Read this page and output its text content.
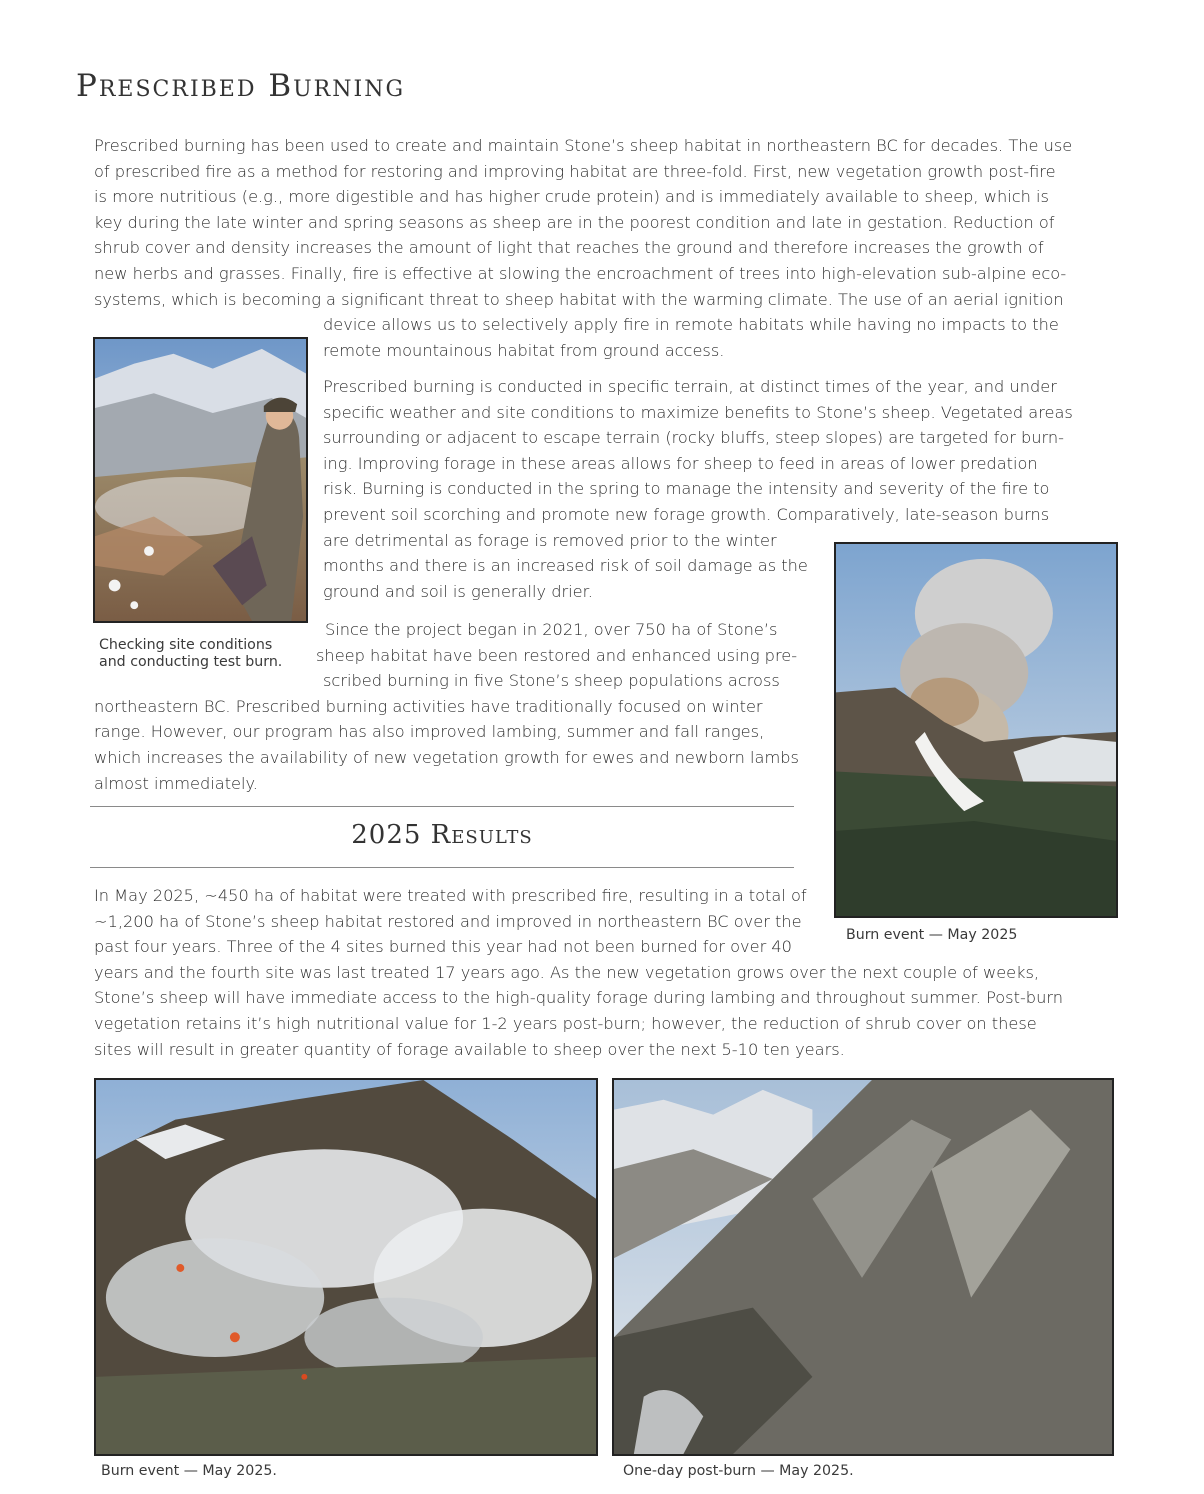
Prescribed Burning
2025 Results
Prescribed burning has been used to create and maintain Stone’s sheep habitat in northeastern BC for decades. The use
of prescribed fire as a method for restoring and improving habitat are three-fold. First, new vegetation growth post-fire
is more nutritious (e.g., more digestible and has higher crude protein) and is immediately available to sheep, which is
key during the late winter and spring seasons as sheep are in the poorest condition and late in gestation. Reduction of
shrub cover and density increases the amount of light that reaches the ground and therefore increases the growth of
new herbs and grasses. Finally, fire is effective at slowing the encroachment of trees into high-elevation sub-alpine eco-
systems, which is becoming a significant threat to sheep habitat with the warming climate. The use of an aerial ignition
device allows us to selectively apply fire in remote habitats while having no impacts to the
remote mountainous habitat from ground access.
Prescribed burning is conducted in specific terrain, at distinct times of the year, and under
specific weather and site conditions to maximize benefits to Stone’s sheep. Vegetated areas
surrounding or adjacent to escape terrain (rocky bluffs, steep slopes) are targeted for burn-
ing. Improving forage in these areas allows for sheep to feed in areas of lower predation
risk. Burning is conducted in the spring to manage the intensity and severity of the fire to
prevent soil scorching and promote new forage growth. Comparatively, late-season burns
are detrimental as forage is removed prior to the winter
months and there is an increased risk of soil damage as the
ground and soil is generally drier.
Since the project began in 2021, over 750 ha of Stone’s
sheep habitat have been restored and enhanced using pre-
scribed burning in five Stone’s sheep populations across
northeastern BC. Prescribed burning activities have traditionally focused on winter
range. However, our program has also improved lambing, summer and fall ranges,
which increases the availability of new vegetation growth for ewes and newborn lambs
almost immediately.
In May 2025, ~450 ha of habitat were treated with prescribed fire, resulting in a total of
~1,200 ha of Stone’s sheep habitat restored and improved in northeastern BC over the
past four years. Three of the 4 sites burned this year had not been burned for over 40
years and the fourth site was last treated 17 years ago. As the new vegetation grows over the next couple of weeks,
Stone’s sheep will have immediate access to the high-quality forage during lambing and throughout summer. Post-burn
vegetation retains it’s high nutritional value for 1-2 years post-burn; however, the reduction of shrub cover on these
sites will result in greater quantity of forage available to sheep over the next 5-10 ten years.
Checking site conditions
and conducting test burn.
Burn event — May 2025
Burn event — May 2025.	One-day post-burn — May 2025.
